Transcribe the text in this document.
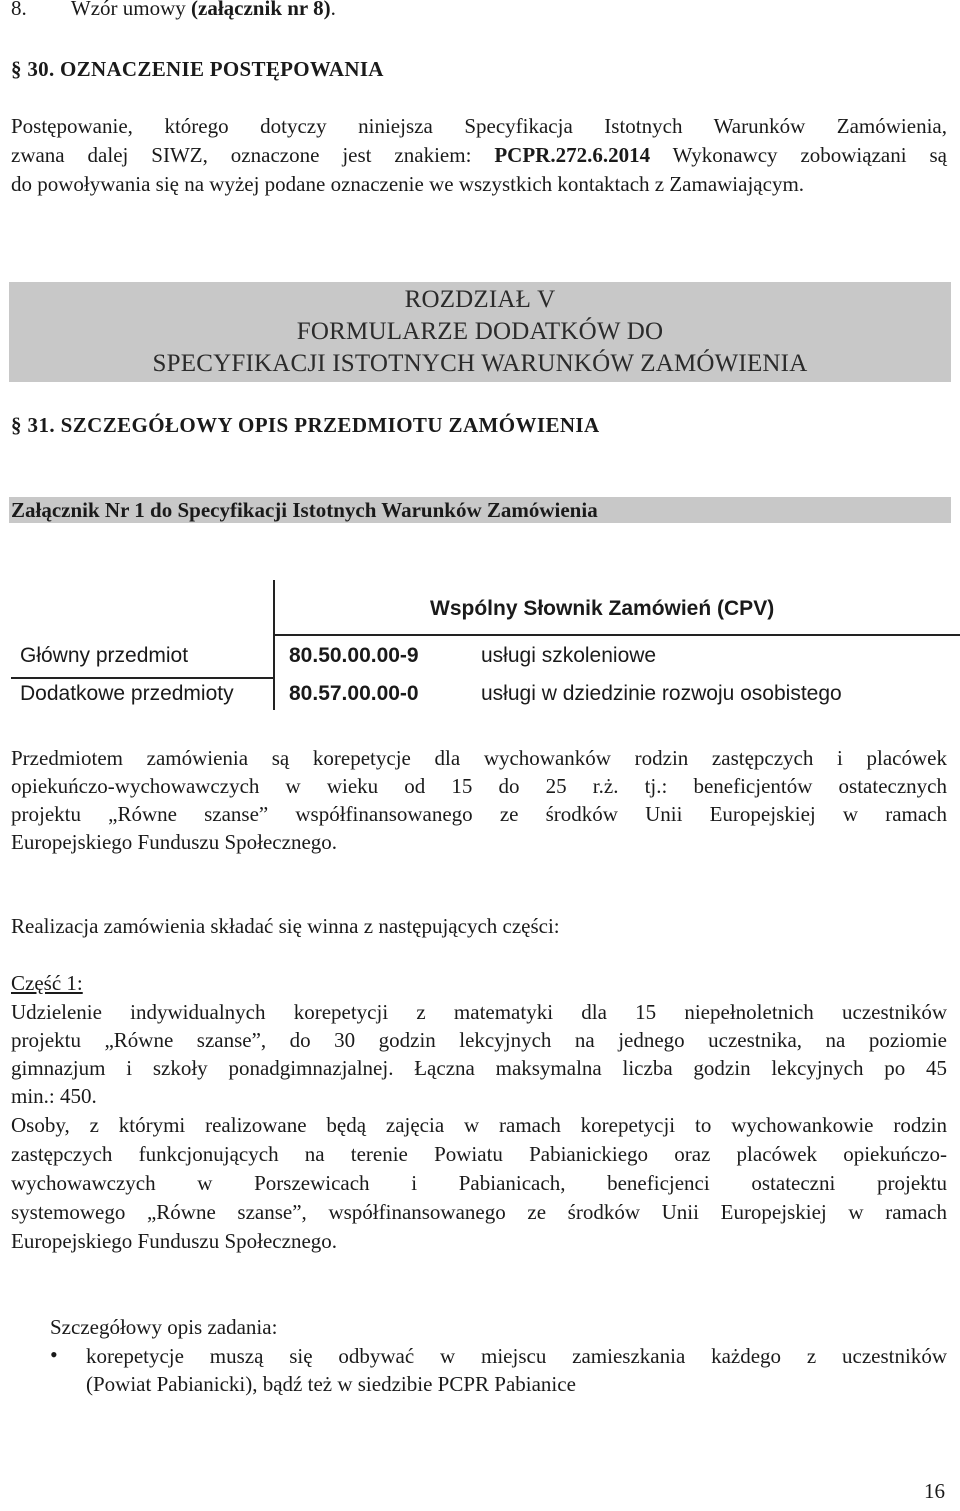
8. Wzór umowy (załącznik nr 8).
§ 30. OZNACZENIE POSTĘPOWANIA
Postępowanie, którego dotyczy niniejsza Specyfikacja Istotnych Warunków Zamówienia,
zwana dalej SIWZ, oznaczone jest znakiem: PCPR.272.6.2014 Wykonawcy zobowiązani są
do powoływania się na wyżej podane oznaczenie we wszystkich kontaktach z Zamawiającym.
ROZDZIAŁ V
FORMULARZE DODATKÓW DO
SPECYFIKACJI ISTOTNYCH WARUNKÓW ZAMÓWIENIA
§ 31. SZCZEGÓŁOWY OPIS PRZEDMIOTU ZAMÓWIENIA
Załącznik Nr 1 do Specyfikacji Istotnych Warunków Zamówienia
Wspólny Słownik Zamówień (CPV)
Główny przedmiot	80.50.00.00-9	usługi szkoleniowe
Dodatkowe przedmioty	80.57.00.00-0	usługi w dziedzinie rozwoju osobistego
Przedmiotem zamówienia są korepetycje dla wychowanków rodzin zastępczych i placówek
opiekuńczo-wychowawczych w wieku od 15 do 25 r.ż. tj.: beneficjentów ostatecznych
projektu „Równe szanse” współfinansowanego ze środków Unii Europejskiej w ramach
Europejskiego Funduszu Społecznego.
Realizacja zamówienia składać się winna z następujących części:
Część 1:
Udzielenie indywidualnych korepetycji z matematyki dla 15 niepełnoletnich uczestników
projektu „Równe szanse”, do 30 godzin lekcyjnych na jednego uczestnika, na poziomie
gimnazjum i szkoły ponadgimnazjalnej. Łączna maksymalna liczba godzin lekcyjnych po 45
min.: 450.
Osoby, z którymi realizowane będą zajęcia w ramach korepetycji to wychowankowie rodzin
zastępczych funkcjonujących na terenie Powiatu Pabianickiego oraz placówek opiekuńczo-
wychowawczych w Porszewicach i Pabianicach, beneficjenci ostateczni projektu
systemowego „Równe szanse”, współfinansowanego ze środków Unii Europejskiej w ramach
Europejskiego Funduszu Społecznego.
Szczegółowy opis zadania:
• korepetycje muszą się odbywać w miejscu zamieszkania każdego z uczestników
(Powiat Pabianicki), bądź też w siedzibie PCPR Pabianice
16
